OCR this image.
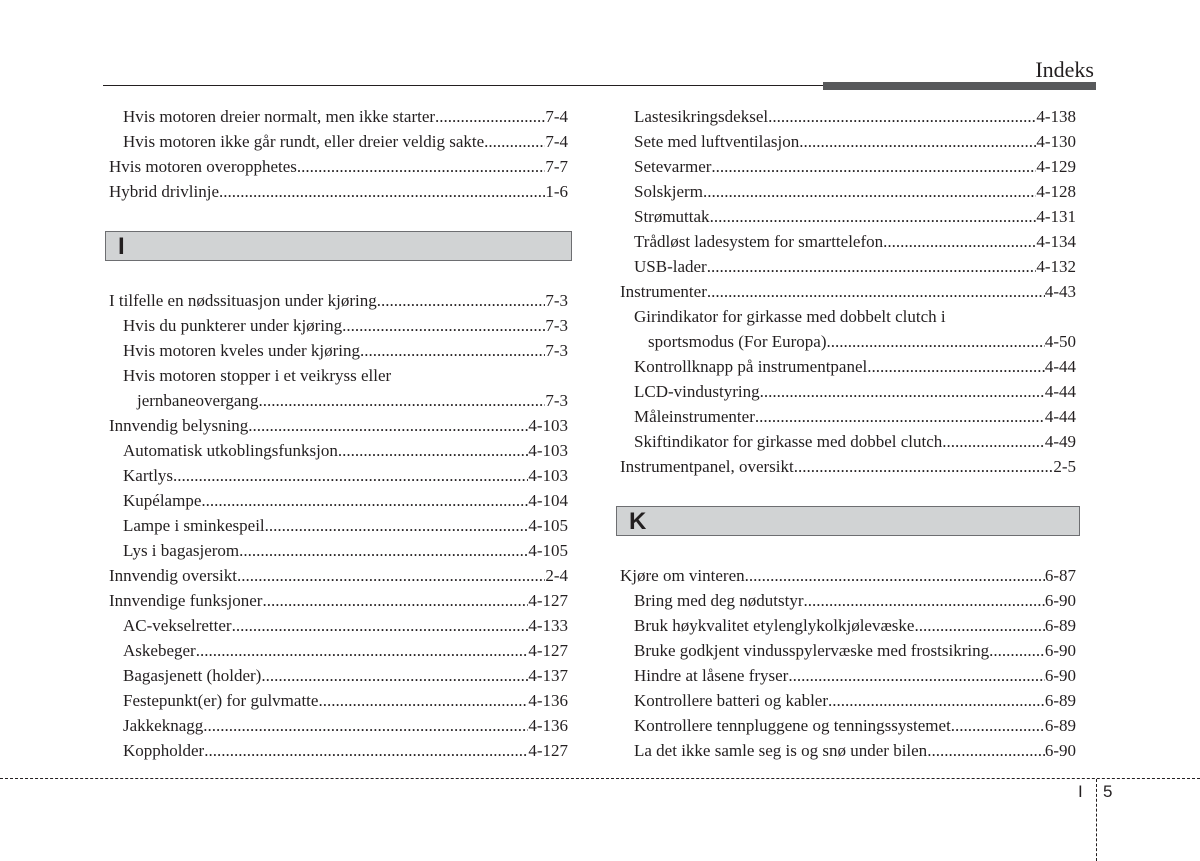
Indeks
Hvis motoren dreier normalt, men ikke starter .....	7-4
Hvis motoren ikke går rundt, eller dreier veldig sakte .....	7-4
Hvis motoren overopphetes .....	7-7
Hybrid drivlinje .....	1-6
I
I tilfelle en nødssituasjon under kjøring .....	7-3
Hvis du punkterer under kjøring .....	7-3
Hvis motoren kveles under kjøring .....	7-3
Hvis motoren stopper i et veikryss eller
jernbaneovergang .....	7-3
Innvendig belysning .....	4-103
Automatisk utkoblingsfunksjon .....	4-103
Kartlys .....	4-103
Kupélampe .....	4-104
Lampe i sminkespeil .....	4-105
Lys i bagasjerom .....	4-105
Innvendig oversikt .....	2-4
Innvendige funksjoner .....	4-127
AC-vekselretter .....	4-133
Askebeger .....	4-127
Bagasjenett (holder) .....	4-137
Festepunkt(er) for gulvmatte .....	4-136
Jakkeknagg .....	4-136
Koppholder .....	4-127
Lastesikringsdeksel .....	4-138
Sete med luftventilasjon .....	4-130
Setevarmer .....	4-129
Solskjerm .....	4-128
Strømuttak .....	4-131
Trådløst ladesystem for smarttelefon .....	4-134
USB-lader .....	4-132
Instrumenter .....	4-43
Girindikator for girkasse med dobbelt clutch i
sportsmodus (For Europa) .....	4-50
Kontrollknapp på instrumentpanel .....	4-44
LCD-vindustyring .....	4-44
Måleinstrumenter .....	4-44
Skiftindikator for girkasse med dobbel clutch .....	4-49
Instrumentpanel, oversikt .....	2-5
K
Kjøre om vinteren .....	6-87
Bring med deg nødutstyr .....	6-90
Bruk høykvalitet etylenglykolkjølevæske .....	6-89
Bruke godkjent vindusspylervæske med frostsikring .....	6-90
Hindre at låsene fryser .....	6-90
Kontrollere batteri og kabler .....	6-89
Kontrollere tennpluggene og tenningssystemet .....	6-89
La det ikke samle seg is og snø under bilen .....	6-90
I 5
